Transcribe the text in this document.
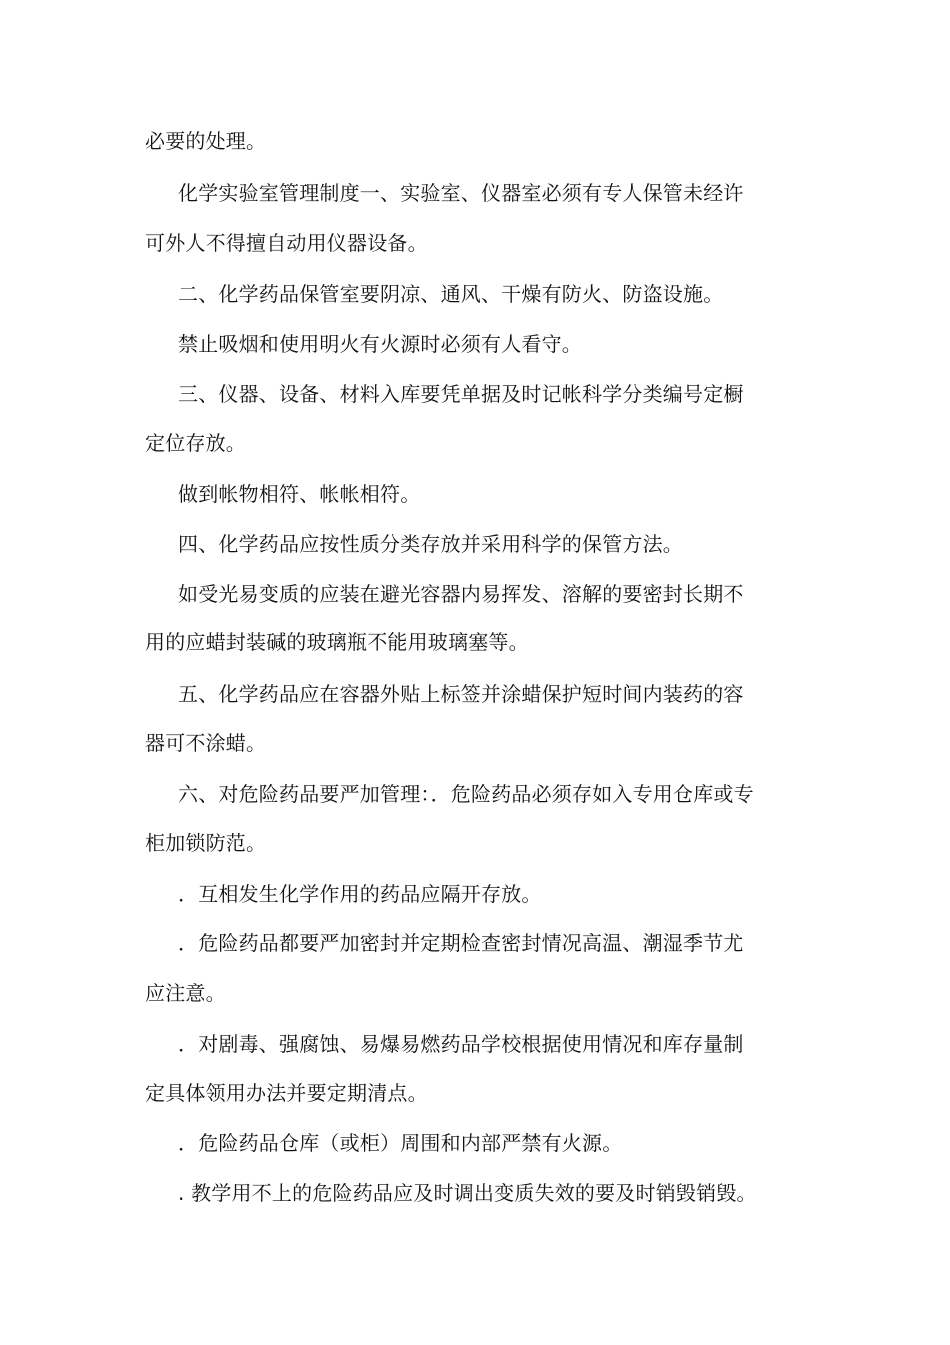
必要的处理。

化学实验室管理制度一、实验室、仪器室必须有专人保管未经许

可外人不得擅自动用仪器设备。

二、化学药品保管室要阴凉、通风、干燥有防火、防盗设施。

禁止吸烟和使用明火有火源时必须有人看守。

三、仪器、设备、材料入库要凭单据及时记帐科学分类编号定橱

定位存放。

做到帐物相符、帐帐相符。

四、化学药品应按性质分类存放并采用科学的保管方法。

如受光易变质的应装在避光容器内易挥发、溶解的要密封长期不

用的应蜡封装碱的玻璃瓶不能用玻璃塞等。

五、化学药品应在容器外贴上标签并涂蜡保护短时间内装药的容

器可不涂蜡。

六、对危险药品要严加管理：．危险药品必须存如入专用仓库或专

柜加锁防范。

．互相发生化学作用的药品应隔开存放。

．危险药品都要严加密封并定期检查密封情况高温、潮湿季节尤

应注意。

．对剧毒、强腐蚀、易爆易燃药品学校根据使用情况和库存量制

定具体领用办法并要定期清点。

．危险药品仓库（或柜）周围和内部严禁有火源。

. 教学用不上的危险药品应及时调出变质失效的要及时销毁销毁。
